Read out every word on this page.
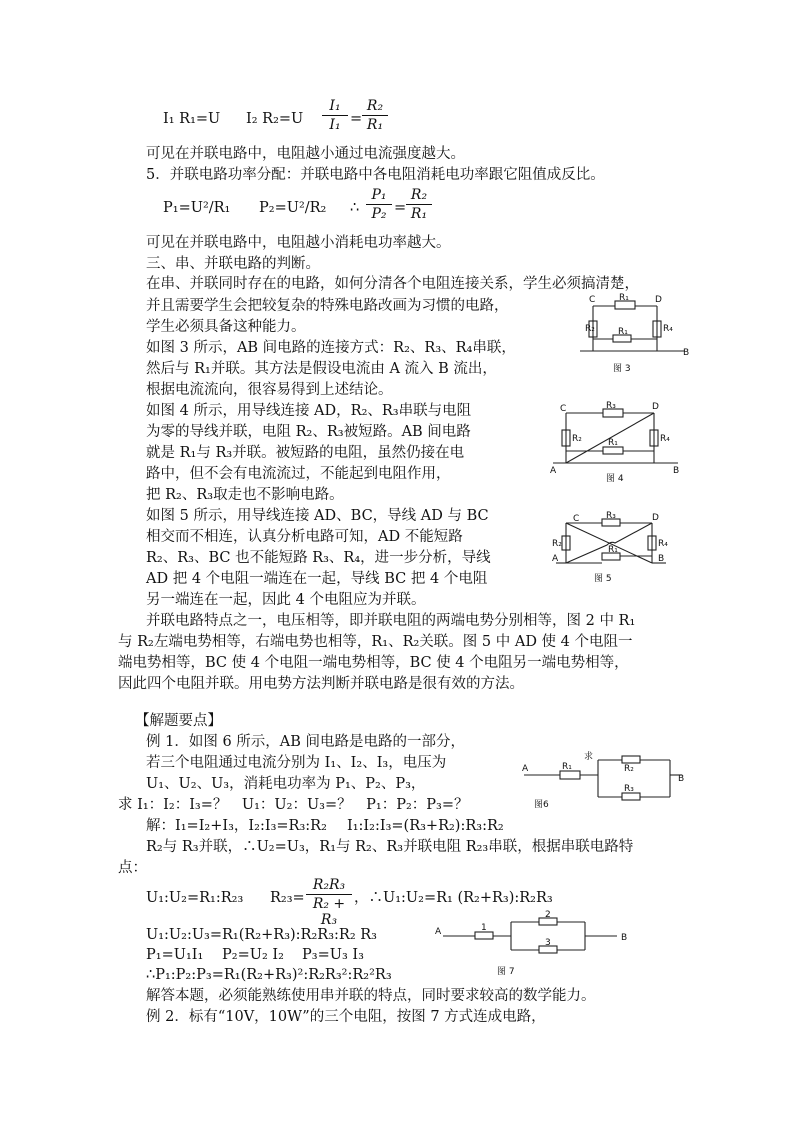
I₁ R₁=U I₂ R₂=U
I₁
I₁ =
R₂
R₁
可见在并联电路中，电阻越小通过电流强度越大。
5．并联电路功率分配：并联电路中各电阻消耗电功率跟它阻值成反比。
P₁=U²/R₁ P₂=U²/R₂ ∴
P₁
P₂ =
R₂
R₁
可见在并联电路中，电阻越小消耗电功率越大。
三、串、并联电路的判断。
在串、并联同时存在的电路，如何分清各个电阻连接关系，学生必须搞清楚，
并且需要学生会把较复杂的特殊电路改画为习惯的电路，
学生必须具备这种能力。
如图 3 所示，AB 间电路的连接方式：R₂、R₃、R₄串联，
然后与 R₁并联。其方法是假设电流由 A 流入 B 流出，
根据电流流向，很容易得到上述结论。
如图 4 所示，用导线连接 AD，R₂、R₃串联与电阻
为零的导线并联，电阻 R₂、R₃被短路。AB 间电路
就是 R₁与 R₃并联。被短路的电阻，虽然仍接在电
路中，但不会有电流流过，不能起到电阻作用，
把 R₂、R₃取走也不影响电路。
如图 5 所示，用导线连接 AD、BC，导线 AD 与 BC
相交而不相连，认真分析电路可知，AD 不能短路
R₂、R₃、BC 也不能短路 R₃、R₄，进一步分析，导线
AD 把 4 个电阻一端连在一起，导线 BC 把 4 个电阻
另一端连在一起，因此 4 个电阻应为并联。
并联电路特点之一，电压相等，即并联电阻的两端电势分别相等，图 2 中 R₁
与 R₂左端电势相等，右端电势也相等，R₁、R₂关联。图 5 中 AD 使 4 个电阻一
端电势相等，BC 使 4 个电阻一端电势相等，BC 使 4 个电阻另一端电势相等，
因此四个电阻并联。用电势方法判断并联电路是很有效的方法。
【解题要点】
例 1．如图 6 所示，AB 间电路是电路的一部分，
若三个电阻通过电流分别为 I₁、I₂、I₃，电压为
U₁、U₂、U₃，消耗电功率为 P₁、P₂、P₃，
求 I₁：I₂：I₃=？　U₁：U₂：U₃=？　P₁：P₂：P₃=？
解：I₁=I₂+I₃，I₂:I₃=R₃:R₂ I₁:I₂:I₃=(R₃+R₂):R₃:R₂
R₂与 R₃并联，∴U₂=U₃，R₁与 R₂、R₃并联电阻 R₂₃串联，根据串联电路特
点：
U₁:U₂=R₁:R₂₃ R₂₃=
R₂R₃
R₂ + R₃
，∴U₁:U₂=R₁ (R₂+R₃):R₂R₃
U₁:U₂:U₃=R₁(R₂+R₃):R₂R₃:R₂ R₃
P₁=U₁I₁ P₂=U₂ I₂ P₃=U₃ I₃
∴P₁:P₂:P₃=R₁(R₂+R₃)²:R₂R₃²:R₂²R₃
解答本题，必须能熟练使用串并联的特点，同时要求较高的数学能力。
例 2．标有“10V，10W”的三个电阻，按图 7 方式连成电路，
C	D
R₁
R₂	R₄
R₁
B
图 3
C	D
R₃
R₂	R₄
R₁
A	B
图 4
C	D
R₃
R₂	R₄
R₁
A	B
图 5
A	R₁
求
R₂
R₃
B
图6
A	1
2
3	B
图 7
